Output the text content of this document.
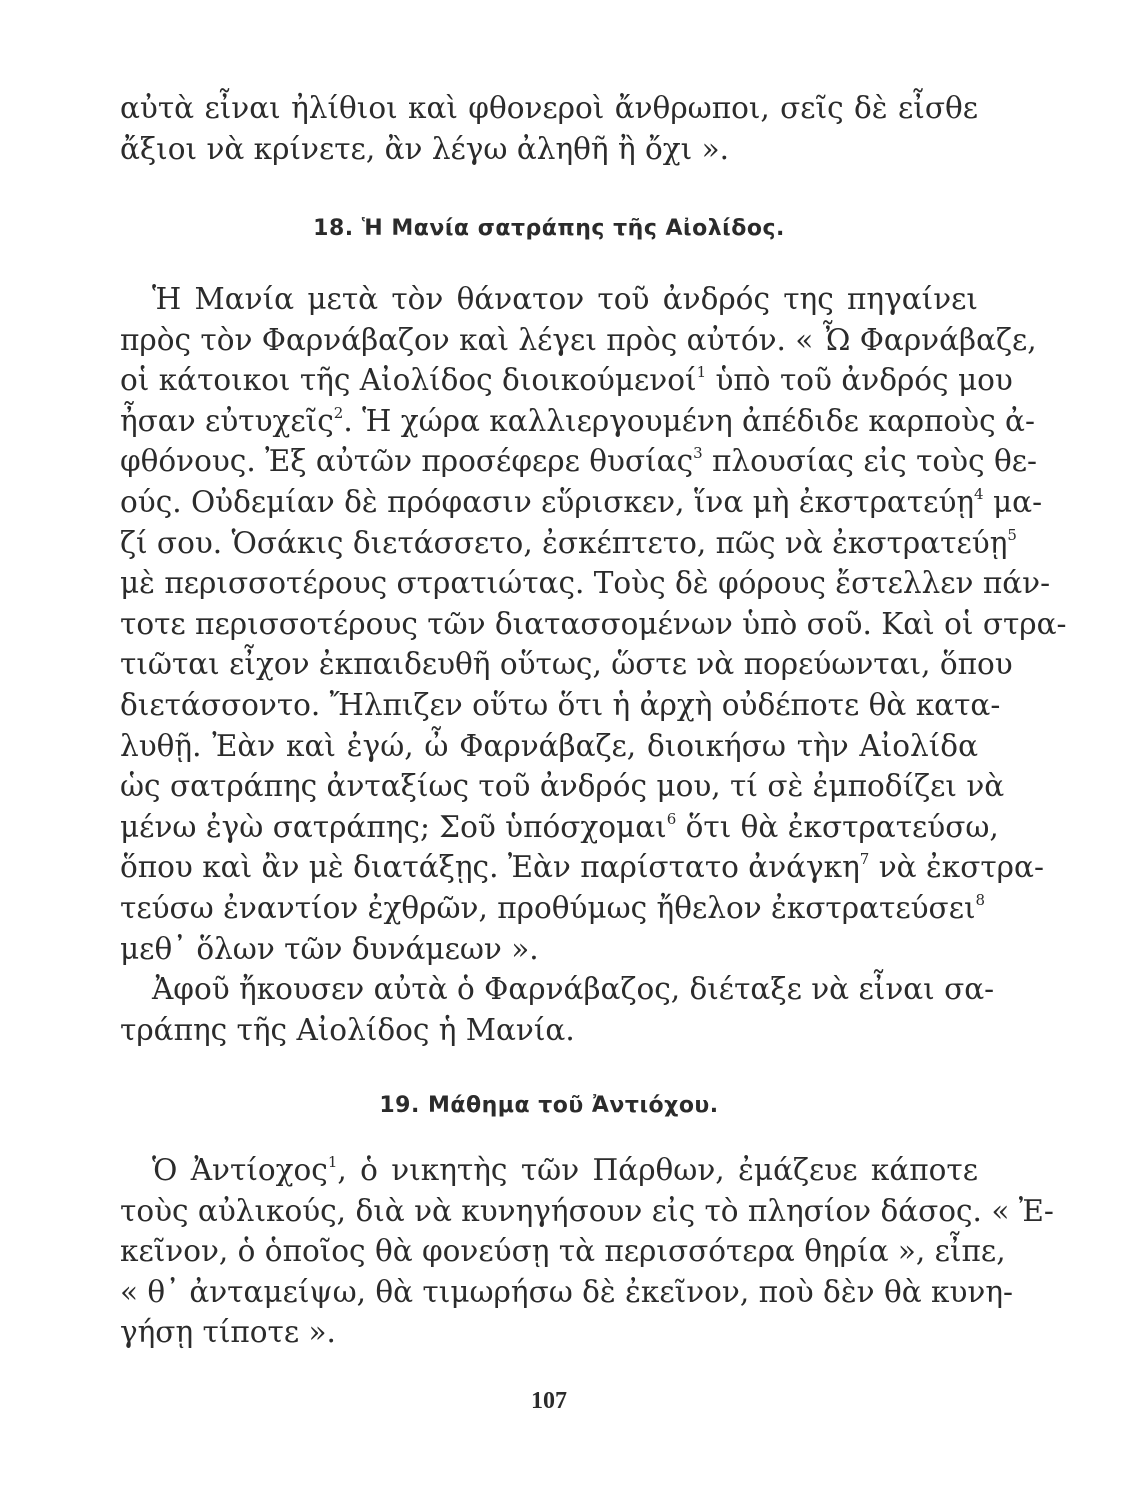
αὐτὰ εἶναι ἠλίθιοι καὶ φθονεροὶ ἄνθρωποι, σεῖς δὲ εἶσθε
ἄξιοι νὰ κρίνετε, ἂν λέγω ἀληθῆ ἢ ὄχι ».
18. Ἡ Μανία σατράπης τῆς Αἰολίδος.
Ἡ Μανία μετὰ τὸν θάνατον τοῦ ἀνδρός της πηγαίνει
πρὸς τὸν Φαρνάβαζον καὶ λέγει πρὸς αὐτόν. « Ὦ Φαρνάβαζε,
οἱ κάτοικοι τῆς Αἰολίδος διοικούμενοί$^1$ ὑπὸ τοῦ ἀνδρός μου
ἦσαν εὐτυχεῖς$^2$. Ἡ χώρα καλλιεργουμένη ἀπέδιδε καρποὺς ἀ-
φθόνους. Ἐξ αὐτῶν προσέφερε θυσίας$^3$ πλουσίας εἰς τοὺς θε-
ούς. Οὐδεμίαν δὲ πρόφασιν εὕρισκεν, ἵνα μὴ ἐκστρατεύῃ$^4$ μα-
ζί σου. Ὁσάκις διετάσσετο, ἐσκέπτετο, πῶς νὰ ἐκστρατεύῃ$^5$
μὲ περισσοτέρους στρατιώτας. Τοὺς δὲ φόρους ἔστελλεν πάν-
τοτε περισσοτέρους τῶν διατασσομένων ὑπὸ σοῦ. Καὶ οἱ στρα-
τιῶται εἶχον ἐκπαιδευθῆ οὕτως, ὥστε νὰ πορεύωνται, ὅπου
διετάσσοντο. Ἤλπιζεν οὕτω ὅτι ἡ ἀρχὴ οὐδέποτε θὰ κατα-
λυθῇ. Ἐὰν καὶ ἐγώ, ὦ Φαρνάβαζε, διοικήσω τὴν Αἰολίδα
ὡς σατράπης ἀνταξίως τοῦ ἀνδρός μου, τί σὲ ἐμποδίζει νὰ
μένω ἐγὼ σατράπης; Σοῦ ὑπόσχομαι$^6$ ὅτι θὰ ἐκστρατεύσω,
ὅπου καὶ ἂν μὲ διατάξῃς. Ἐὰν παρίστατο ἀνάγκη$^7$ νὰ ἐκστρα-
τεύσω ἐναντίον ἐχθρῶν, προθύμως ἤθελον ἐκστρατεύσει$^8$
μεθ᾽ ὅλων τῶν δυνάμεων ».
Ἀφοῦ ἤκουσεν αὐτὰ ὁ Φαρνάβαζος, διέταξε νὰ εἶναι σα-
τράπης τῆς Αἰολίδος ἡ Μανία.
19. Μάθημα τοῦ Ἀντιόχου.
Ὁ Ἀντίοχος$^1$, ὁ νικητὴς τῶν Πάρθων, ἐμάζευε κάποτε
τοὺς αὐλικούς, διὰ νὰ κυνηγήσουν εἰς τὸ πλησίον δάσος. « Ἐ-
κεῖνον, ὁ ὁποῖος θὰ φονεύσῃ τὰ περισσότερα θηρία », εἶπε,
« θ᾽ ἀνταμείψω, θὰ τιμωρήσω δὲ ἐκεῖνον, ποὺ δὲν θὰ κυνη-
γήσῃ τίποτε ».

107
